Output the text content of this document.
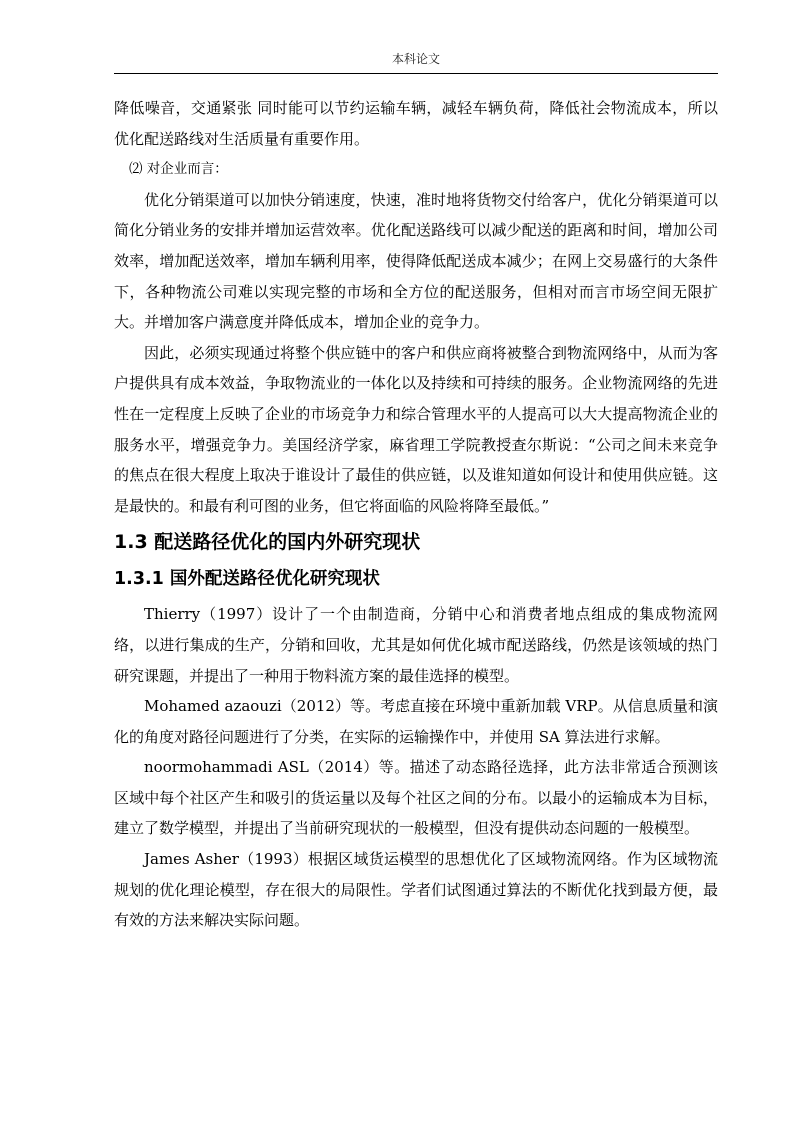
本科论文

降低噪音，交通紧张 同时能可以节约运输车辆，减轻车辆负荷，降低社会物流成本，所以优化配送路线对生活质量有重要作用。

⑵ 对企业而言：

优化分销渠道可以加快分销速度，快速，准时地将货物交付给客户，优化分销渠道可以简化分销业务的安排并增加运营效率。优化配送路线可以减少配送的距离和时间，增加公司效率，增加配送效率，增加车辆利用率，使得降低配送成本减少；在网上交易盛行的大条件下，各种物流公司难以实现完整的市场和全方位的配送服务，但相对而言市场空间无限扩大。并增加客户满意度并降低成本，增加企业的竞争力。

因此，必须实现通过将整个供应链中的客户和供应商将被整合到物流网络中，从而为客户提供具有成本效益，争取物流业的一体化以及持续和可持续的服务。企业物流网络的先进性在一定程度上反映了企业的市场竞争力和综合管理水平的人提高可以大大提高物流企业的服务水平，增强竞争力。美国经济学家，麻省理工学院教授查尔斯说：“公司之间未来竞争的焦点在很大程度上取决于谁设计了最佳的供应链，以及谁知道如何设计和使用供应链。这是最快的。和最有利可图的业务，但它将面临的风险将降至最低。”

1.3 配送路径优化的国内外研究现状
1.3.1 国外配送路径优化研究现状

Thierry（1997）设计了一个由制造商，分销中心和消费者地点组成的集成物流网络，以进行集成的生产，分销和回收，尤其是如何优化城市配送路线，仍然是该领域的热门研究课题，并提出了一种用于物料流方案的最佳选择的模型。

Mohamed azaouzi（2012）等。考虑直接在环境中重新加载 VRP。从信息质量和演化的角度对路径问题进行了分类，在实际的运输操作中，并使用 SA 算法进行求解。

noormohammadi ASL（2014）等。描述了动态路径选择，此方法非常适合预测该区域中每个社区产生和吸引的货运量以及每个社区之间的分布。以最小的运输成本为目标，建立了数学模型，并提出了当前研究现状的一般模型，但没有提供动态问题的一般模型。

James Asher（1993）根据区域货运模型的思想优化了区域物流网络。作为区域物流规划的优化理论模型，存在很大的局限性。学者们试图通过算法的不断优化找到最方便，最有效的方法来解决实际问题。
